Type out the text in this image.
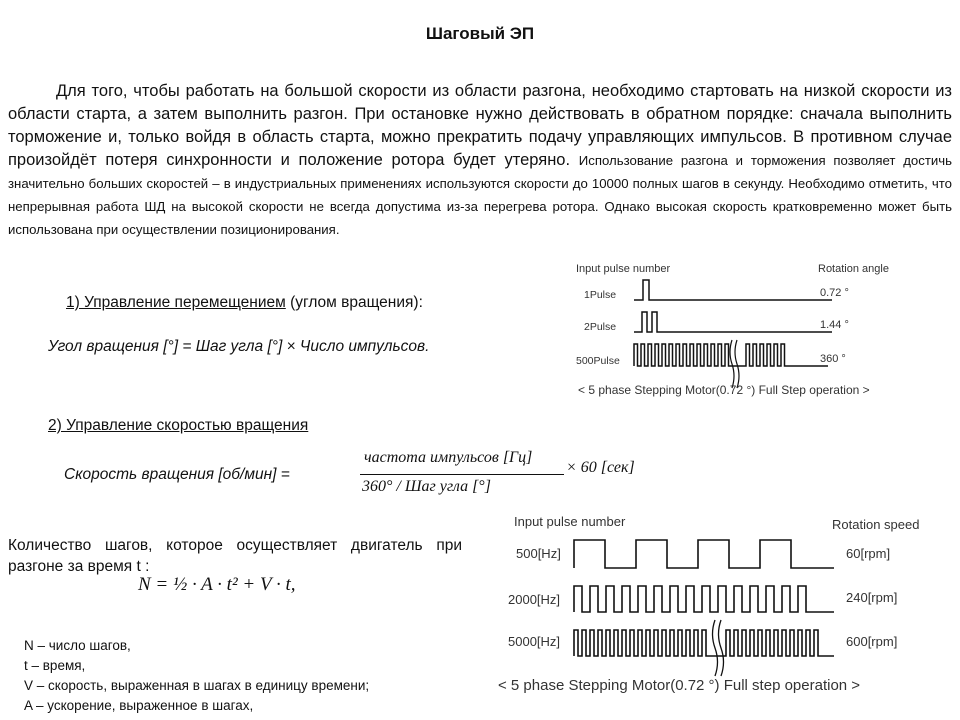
Шаговый ЭП
Для того, чтобы работать на большой скорости из области разгона, необходимо стартовать на низкой скорости из области старта, а затем выполнить разгон. При остановке нужно действовать в обратном порядке: сначала выполнить торможение и, только войдя в область старта, можно прекратить подачу управляющих импульсов. В противном случае произойдёт потеря синхронности и положение ротора будет утеряно. Использование разгона и торможения позволяет достичь значительно больших скоростей – в индустриальных применениях используются скорости до 10000 полных шагов в секунду. Необходимо отметить, что непрерывная работа ШД на высокой скорости не всегда допустима из-за перегрева ротора. Однако высокая скорость кратковременно может быть использована при осуществлении позиционирования.
1) Управление перемещением (углом вращения):
Угол вращения [°] = Шаг угла [°] × Число импульсов.
2) Управление скоростью вращения
Скорость вращения [об/мин] =
частота импульсов [Гц]
360° / Шаг угла [°]
× 60 [сек]
Количество шагов, которое осуществляет двигатель при разгоне за время t :
N = ½ · A · t² + V · t,
N – число шагов,
t – время,
V – скорость, выраженная в шагах в единицу времени;
A – ускорение, выраженное в шагах,
Input pulse number	Rotation angle
1Pulse	0.72 °
2Pulse	1.44 °
500Pulse	360 °
< 5 phase Stepping Motor(0.72 °) Full Step operation >
Input pulse number	Rotation speed
500[Hz]	60[rpm]
2000[Hz]	240[rpm]
5000[Hz]	600[rpm]
< 5 phase Stepping Motor(0.72 °) Full step operation >
